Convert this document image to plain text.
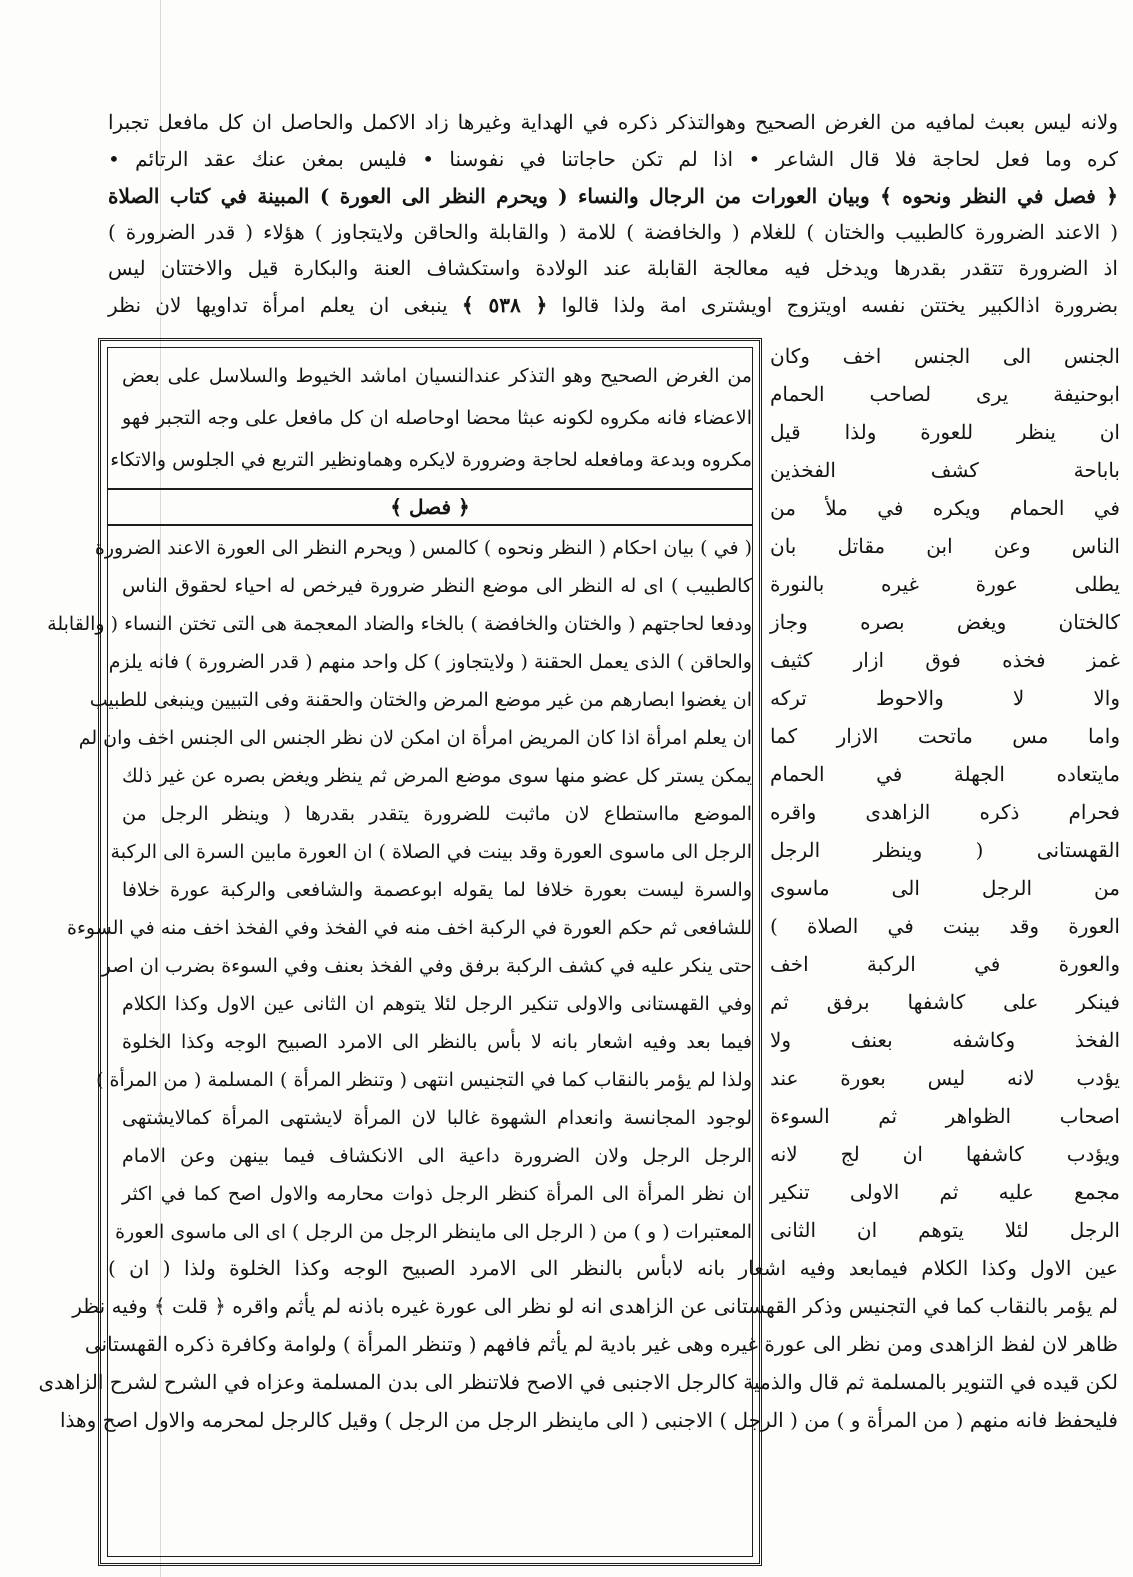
ولانه ليس بعبث لمافيه من الغرض الصحيح وهوالتذكر ذكره في الهداية وغيرها زاد الاكمل والحاصل ان كل مافعل تجبرا
كره وما فعل لحاجة فلا قال الشاعر ‌• اذا لم تكن حاجاتنا في نفوسنا • فليس بمغن عنك عقد الرتائم •
﴿ فصل في النظر ونحوه ﴾ وبيان العورات من الرجال والنساء ( ويحرم النظر الى العورة ) المبينة في كتاب الصلاة
( الاعند الضرورة كالطبيب والختان ) للغلام ( والخافضة ) للامة ( والقابلة والحاقن ولايتجاوز ) هؤلاء ( قدر الضرورة )
اذ الضرورة تتقدر بقدرها ويدخل فيه معالجة القابلة عند الولادة واستكشاف العنة والبكارة قيل والاختتان ليس
بضرورة اذالكبير يختتن نفسه اويتزوج اويشترى امة ولذا قالوا ﴿ ٥٣٨ ﴾ ينبغى ان يعلم امرأة تداويها لان نظر
من الغرض الصحيح وهو التذكر عندالنسيان اماشد الخيوط والسلاسل على بعض
الاعضاء فانه مكروه لكونه عبثا محضا اوحاصله ان كل مافعل على وجه التجبر فهو
مكروه وبدعة ومافعله لحاجة وضرورة لايكره وهماونظير التربع في الجلوس والاتكاء
﴿ فصل ﴾
( في ) بيان احكام ( النظر ونحوه ) كالمس ( ويحرم النظر الى العورة الاعند الضرورة
كالطبيب ) اى له النظر الى موضع النظر ضرورة فيرخص له احياء لحقوق الناس
ودفعا لحاجتهم ( والختان والخافضة ) بالخاء والضاد المعجمة هى التى تختن النساء ( والقابلة
والحاقن ) الذى يعمل الحقنة ( ولايتجاوز ) كل واحد منهم ( قدر الضرورة ) فانه يلزم
ان يغضوا ابصارهم من غير موضع المرض والختان والحقنة وفى التبيين وينبغى للطبيب
ان يعلم امرأة اذا كان المريض امرأة ان امكن لان نظر الجنس الى الجنس اخف وان لم
يمكن يستر كل عضو منها سوى موضع المرض ثم ينظر ويغض بصره عن غير ذلك
الموضع مااستطاع لان ماثبت للضرورة يتقدر بقدرها ( وينظر الرجل من
الرجل الى ماسوى العورة وقد بينت في الصلاة ) ان العورة مابين السرة الى الركبة
والسرة ليست بعورة خلافا لما يقوله ابوعصمة والشافعى والركبة عورة خلافا
للشافعى ثم حكم العورة في الركبة اخف منه في الفخذ وفي الفخذ اخف منه في السوءة
حتى ينكر عليه في كشف الركبة برفق وفي الفخذ بعنف وفي السوءة بضرب ان اصر
وفي القهستانى والاولى تنكير الرجل لئلا يتوهم ان الثانى عين الاول وكذا الكلام
فيما بعد وفيه اشعار بانه لا بأس بالنظر الى الامرد الصبيح الوجه وكذا الخلوة
ولذا لم يؤمر بالنقاب كما في التجنيس انتهى ( وتنظر المرأة ) المسلمة ( من المرأة )
لوجود المجانسة وانعدام الشهوة غالبا لان المرأة لايشتهى المرأة كمالايشتهى
الرجل الرجل ولان الضرورة داعية الى الانكشاف فيما بينهن وعن الامام
ان نظر المرأة الى المرأة كنظر الرجل ذوات محارمه والاول اصح كما في اكثر
المعتبرات ( و ) من ( الرجل الى ماينظر الرجل من الرجل ) اى الى ماسوى العورة
الجنس الى الجنس اخف وكان
ابوحنيفة يرى لصاحب الحمام
ان ينظر للعورة ولذا قيل
باباحة كشف الفخذين
في الحمام ويكره في ملأ من
الناس وعن ابن مقاتل بان
يطلى عورة غيره بالنورة
كالختان ويغض بصره وجاز
غمز فخذه فوق ازار كثيف
والا لا والاحوط تركه
واما مس ماتحت الازار كما
مايتعاده الجهلة في الحمام
فحرام ذكره الزاهدى واقره
القهستانى ( وينظر الرجل
من الرجل الى ماسوى
العورة وقد بينت في الصلاة )
والعورة في الركبة اخف
فينكر على كاشفها برفق ثم
الفخذ وكاشفه بعنف ولا
يؤدب لانه ليس بعورة عند
اصحاب الظواهر ثم السوءة
ويؤدب كاشفها ان لج لانه
مجمع عليه ثم الاولى تنكير
الرجل لئلا يتوهم ان الثانى
عين الاول وكذا الكلام فيمابعد وفيه اشعار بانه لابأس بالنظر الى الامرد الصبيح الوجه وكذا الخلوة ولذا ( ان )
لم يؤمر بالنقاب كما في التجنيس وذكر القهستانى عن الزاهدى انه لو نظر الى عورة غيره باذنه لم يأثم واقره ﴿ قلت ﴾ وفيه نظر
ظاهر لان لفظ الزاهدى ومن نظر الى عورة غيره وهى غير بادية لم يأثم فافهم ( وتنظر المرأة ) ولوامة وكافرة ذكره القهستانى
لكن قيده في التنوير بالمسلمة ثم قال والذمية كالرجل الاجنبى في الاصح فلاتنظر الى بدن المسلمة وعزاه في الشرح لشرح الزاهدى
فليحفظ فانه منهم ( من المرأة و ) من ( الرجل ) الاجنبى ( الى ماينظر الرجل من الرجل ) وقيل كالرجل لمحرمه والاول اصح وهذا
